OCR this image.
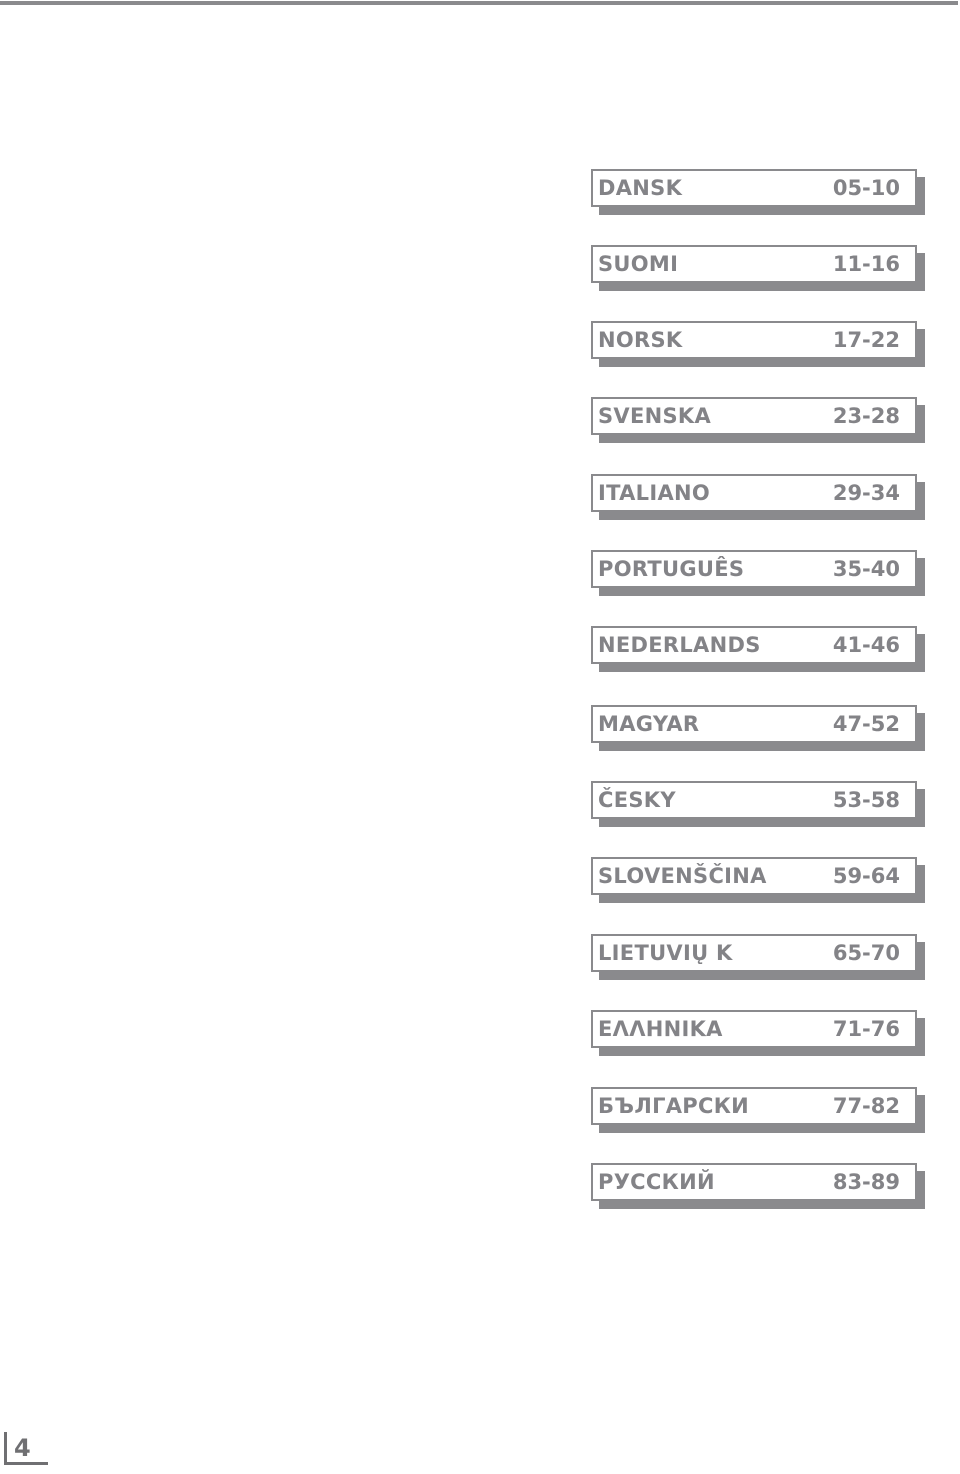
DANSK	05-10
SUOMI	11-16
NORSK	17-22
SVENSKA	23-28
ITALIANO	29-34
PORTUGUÊS	35-40
NEDERLANDS	41-46
MAGYAR	47-52
ČESKY	53-58
SLOVENŠČINA	59-64
LIETUVIŲ K	65-70
ΕΛΛΗΝΙΚΑ	71-76
БЪЛГАРСКИ	77-82
РУССКИЙ	83-89
4
